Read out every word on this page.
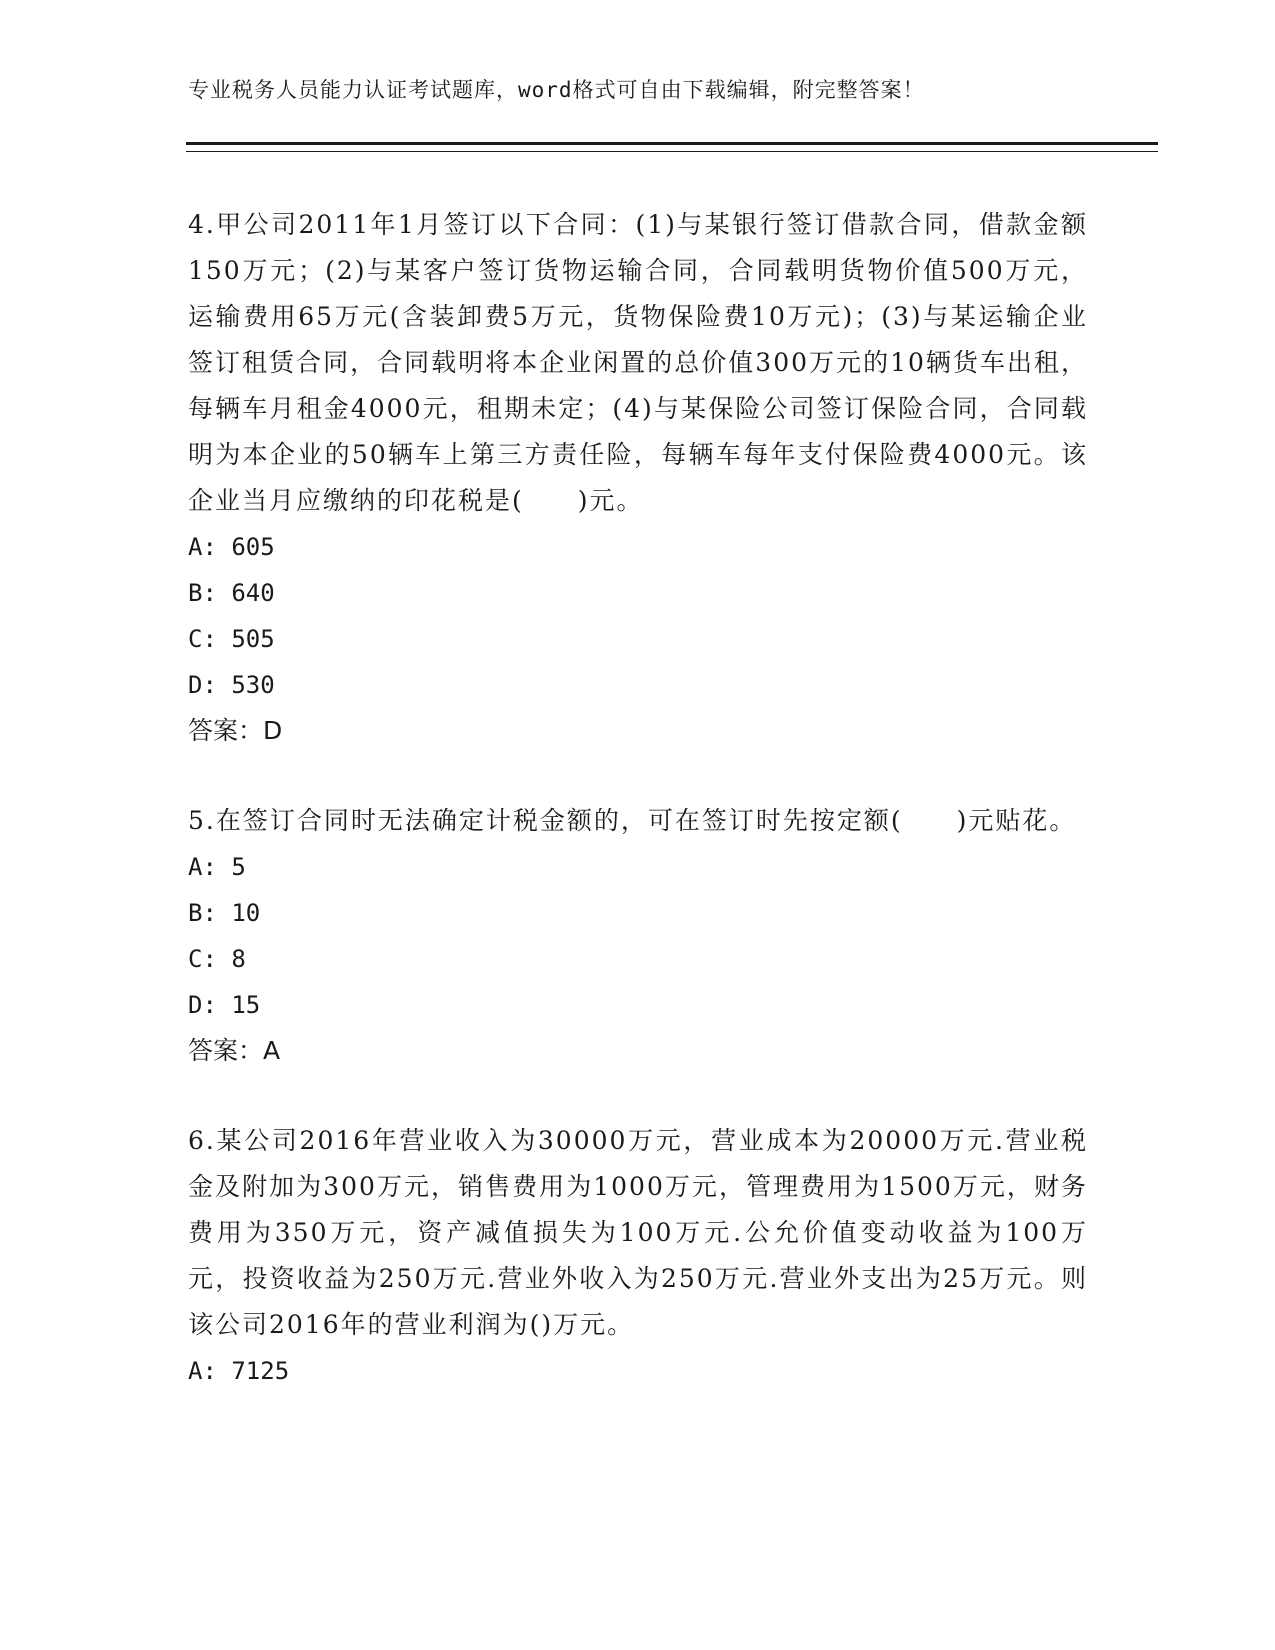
专业税务人员能力认证考试题库，word格式可自由下载编辑，附完整答案！

4.甲公司2011年1月签订以下合同：(1)与某银行签订借款合同，借款金额150万元；(2)与某客户签订货物运输合同，合同载明货物价值500万元，运输费用65万元(含装卸费5万元，货物保险费10万元)；(3)与某运输企业签订租赁合同，合同载明将本企业闲置的总价值300万元的10辆货车出租，每辆车月租金4000元，租期未定；(4)与某保险公司签订保险合同，合同载明为本企业的50辆车上第三方责任险，每辆车每年支付保险费4000元。该企业当月应缴纳的印花税是(　　)元。

A: 605

B: 640

C: 505

D: 530

答案：D

5.在签订合同时无法确定计税金额的，可在签订时先按定额(　　)元贴花。

A: 5

B: 10

C: 8

D: 15

答案：A

6.某公司2016年营业收入为30000万元，营业成本为20000万元.营业税金及附加为300万元，销售费用为1000万元，管理费用为1500万元，财务费用为350万元，资产减值损失为100万元.公允价值变动收益为100万元，投资收益为250万元.营业外收入为250万元.营业外支出为25万元。则该公司2016年的营业利润为()万元。

A: 7125
